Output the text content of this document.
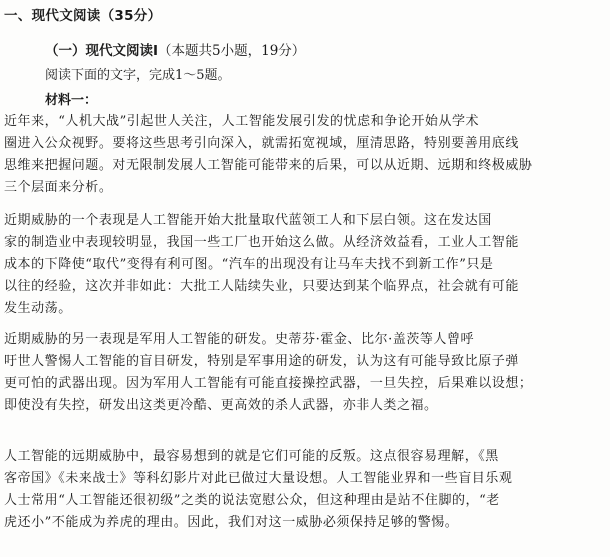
一、现代文阅读（35分）
（一）现代文阅读Ⅰ（本题共5小题，19分）
阅读下面的文字，完成1～5题。
材料一：
近年来，“人机大战”引起世人关注，人工智能发展引发的忧虑和争论开始从学术
圈进入公众视野。要将这些思考引向深入，就需拓宽视域，厘清思路，特别要善用底线
思维来把握问题。对无限制发展人工智能可能带来的后果，可以从近期、远期和终极威胁
三个层面来分析。
近期威胁的一个表现是人工智能开始大批量取代蓝领工人和下层白领。这在发达国
家的制造业中表现较明显，我国一些工厂也开始这么做。从经济效益看，工业人工智能
成本的下降使“取代”变得有利可图。“汽车的出现没有让马车夫找不到新工作”只是
以往的经验，这次并非如此：大批工人陆续失业，只要达到某个临界点，社会就有可能
发生动荡。
近期威胁的另一表现是军用人工智能的研发。史蒂芬·霍金、比尔·盖茨等人曾呼
吁世人警惕人工智能的盲目研发，特别是军事用途的研发，认为这有可能导致比原子弹
更可怕的武器出现。因为军用人工智能有可能直接操控武器，一旦失控，后果难以设想；
即使没有失控，研发出这类更冷酷、更高效的杀人武器，亦非人类之福。
人工智能的远期威胁中，最容易想到的就是它们可能的反叛。这点很容易理解，《黑
客帝国》《未来战士》等科幻影片对此已做过大量设想。人工智能业界和一些盲目乐观
人士常用“人工智能还很初级”之类的说法宽慰公众，但这种理由是站不住脚的，“老
虎还小”不能成为养虎的理由。因此，我们对这一威胁必须保持足够的警惕。
